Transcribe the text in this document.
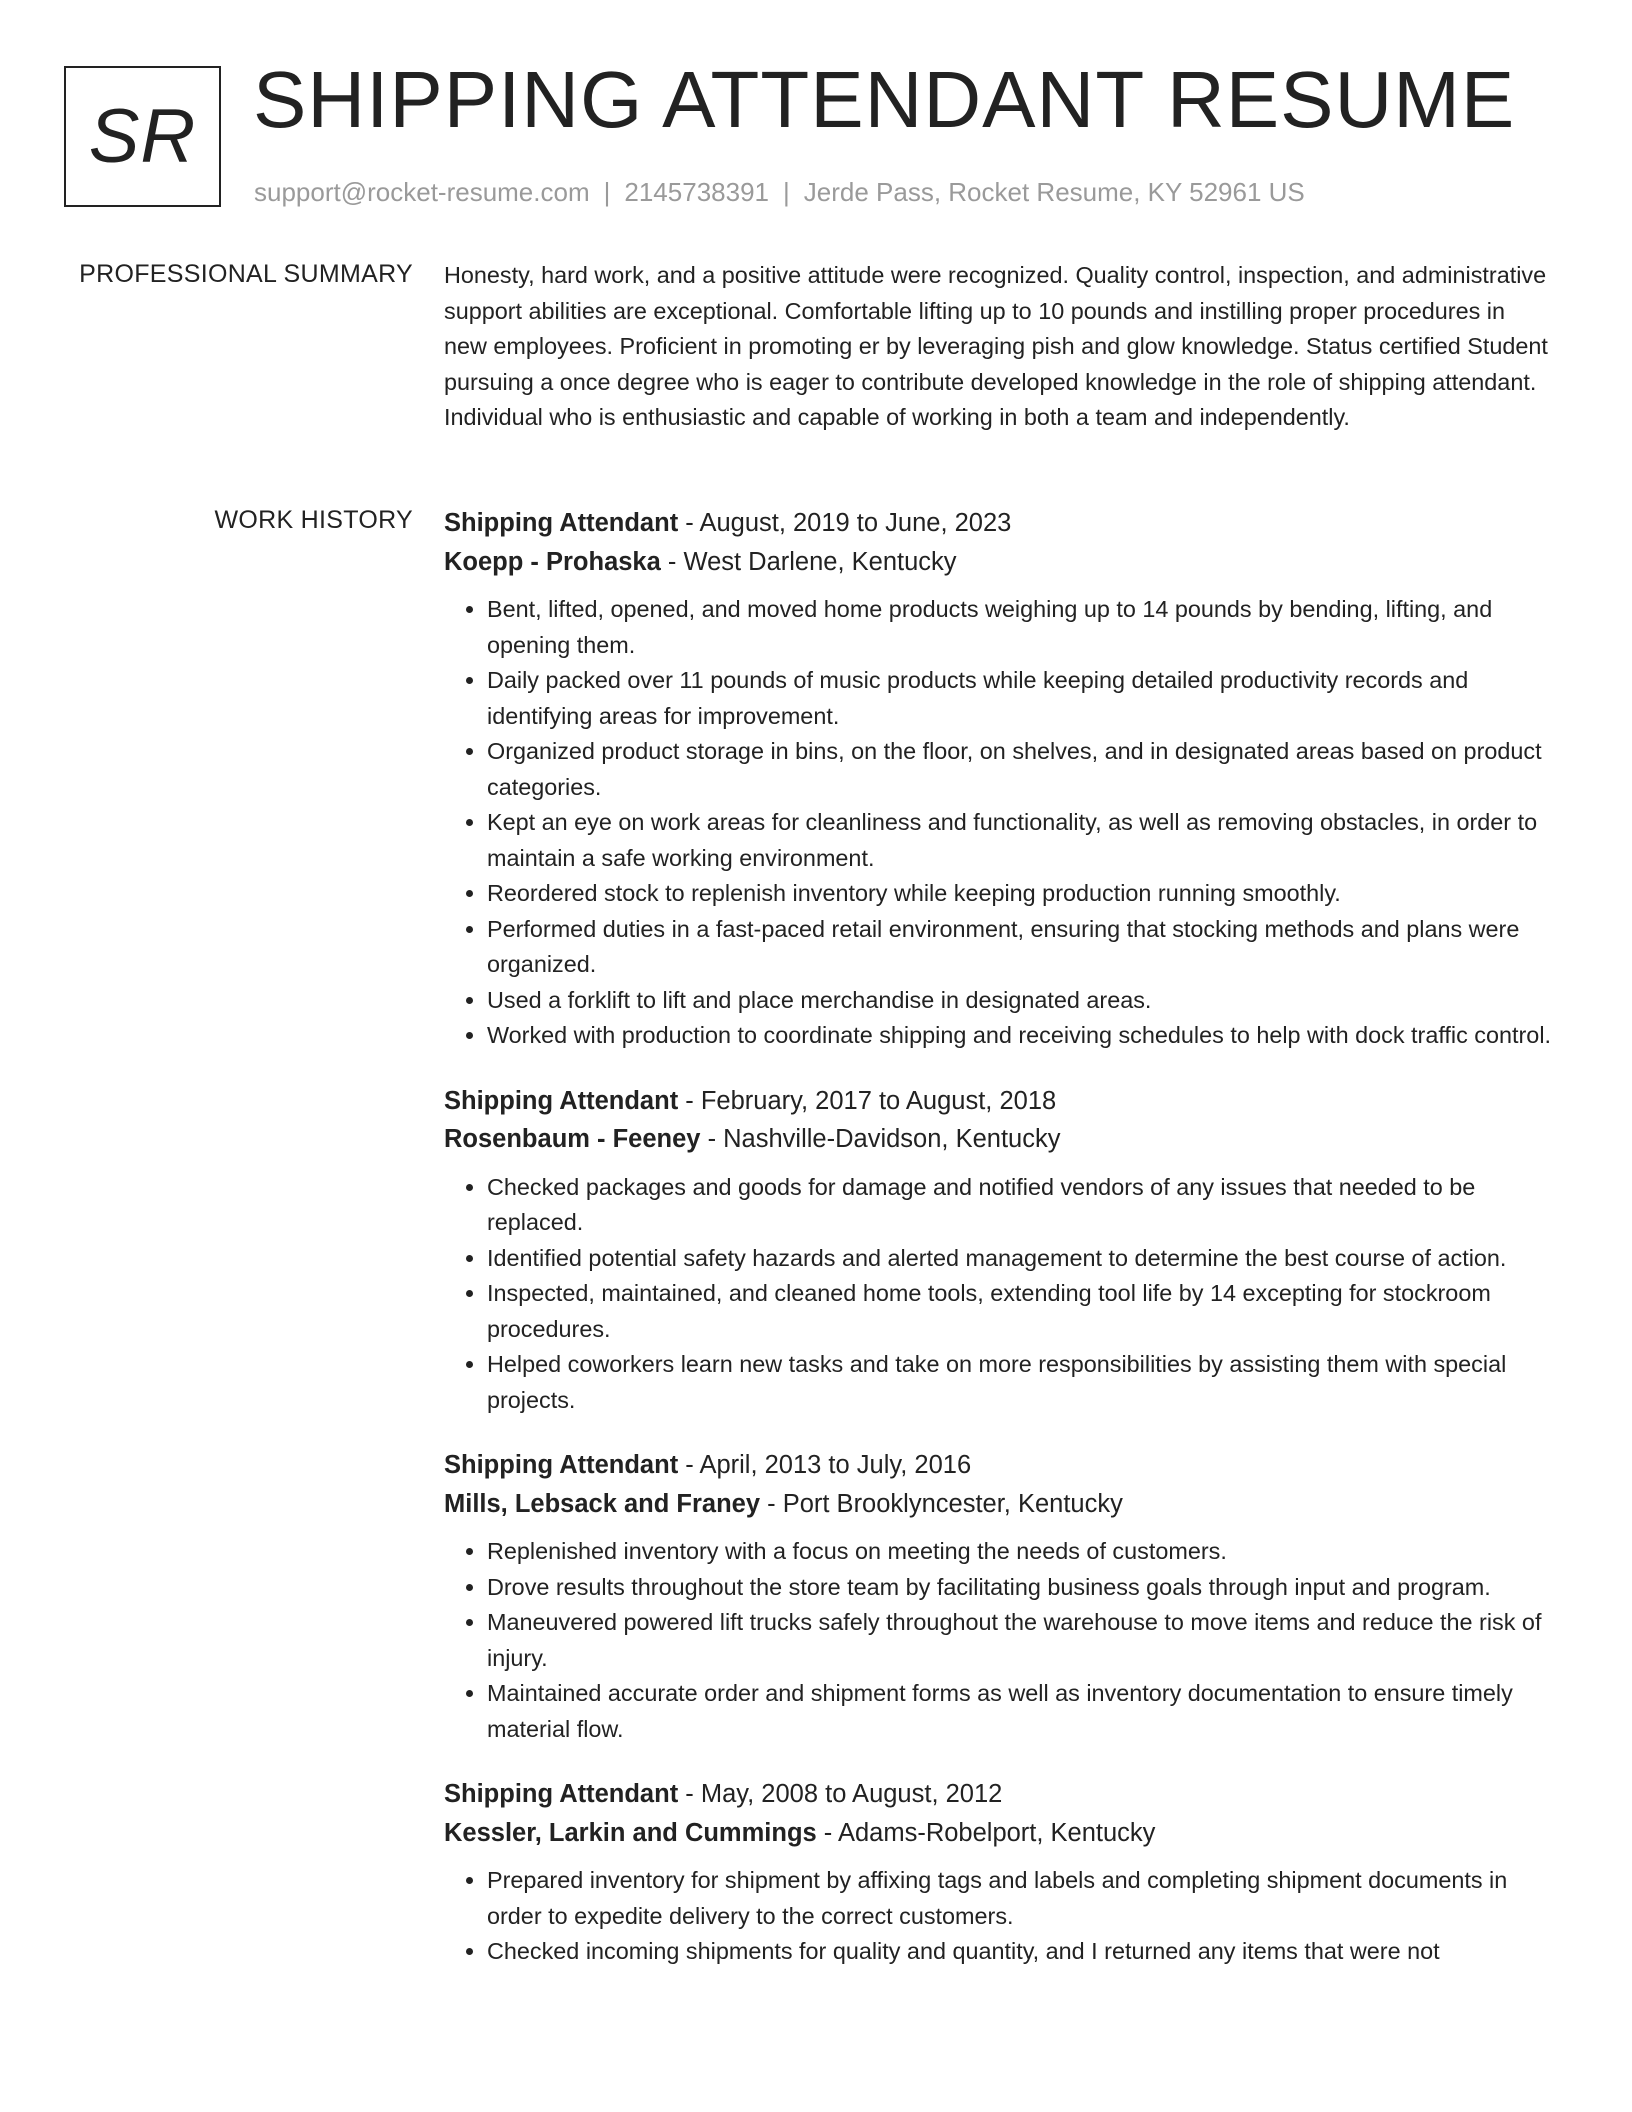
SR SHIPPING ATTENDANT RESUME
support@rocket-resume.com | 2145738391 | Jerde Pass, Rocket Resume, KY 52961 US
PROFESSIONAL SUMMARY Honesty, hard work, and a positive attitude were recognized. Quality control, inspection, and administrative support abilities are exceptional. Comfortable lifting up to 10 pounds and instilling proper procedures in new employees. Proficient in promoting er by leveraging pish and glow knowledge. Status certified Student pursuing a once degree who is eager to contribute developed knowledge in the role of shipping attendant. Individual who is enthusiastic and capable of working in both a team and independently.
WORK HISTORY Shipping Attendant - August, 2019 to June, 2023
Koepp - Prohaska - West Darlene, Kentucky
• Bent, lifted, opened, and moved home products weighing up to 14 pounds by bending, lifting, and opening them.
• Daily packed over 11 pounds of music products while keeping detailed productivity records and identifying areas for improvement.
• Organized product storage in bins, on the floor, on shelves, and in designated areas based on product categories.
• Kept an eye on work areas for cleanliness and functionality, as well as removing obstacles, in order to maintain a safe working environment.
• Reordered stock to replenish inventory while keeping production running smoothly.
• Performed duties in a fast-paced retail environment, ensuring that stocking methods and plans were organized.
• Used a forklift to lift and place merchandise in designated areas.
• Worked with production to coordinate shipping and receiving schedules to help with dock traffic control.
Shipping Attendant - February, 2017 to August, 2018
Rosenbaum - Feeney - Nashville-Davidson, Kentucky
• Checked packages and goods for damage and notified vendors of any issues that needed to be replaced.
• Identified potential safety hazards and alerted management to determine the best course of action.
• Inspected, maintained, and cleaned home tools, extending tool life by 14 excepting for stockroom procedures.
• Helped coworkers learn new tasks and take on more responsibilities by assisting them with special projects.
Shipping Attendant - April, 2013 to July, 2016
Mills, Lebsack and Franey - Port Brooklyncester, Kentucky
• Replenished inventory with a focus on meeting the needs of customers.
• Drove results throughout the store team by facilitating business goals through input and program.
• Maneuvered powered lift trucks safely throughout the warehouse to move items and reduce the risk of injury.
• Maintained accurate order and shipment forms as well as inventory documentation to ensure timely material flow.
Shipping Attendant - May, 2008 to August, 2012
Kessler, Larkin and Cummings - Adams-Robelport, Kentucky
• Prepared inventory for shipment by affixing tags and labels and completing shipment documents in order to expedite delivery to the correct customers.
• Checked incoming shipments for quality and quantity, and I returned any items that were not
